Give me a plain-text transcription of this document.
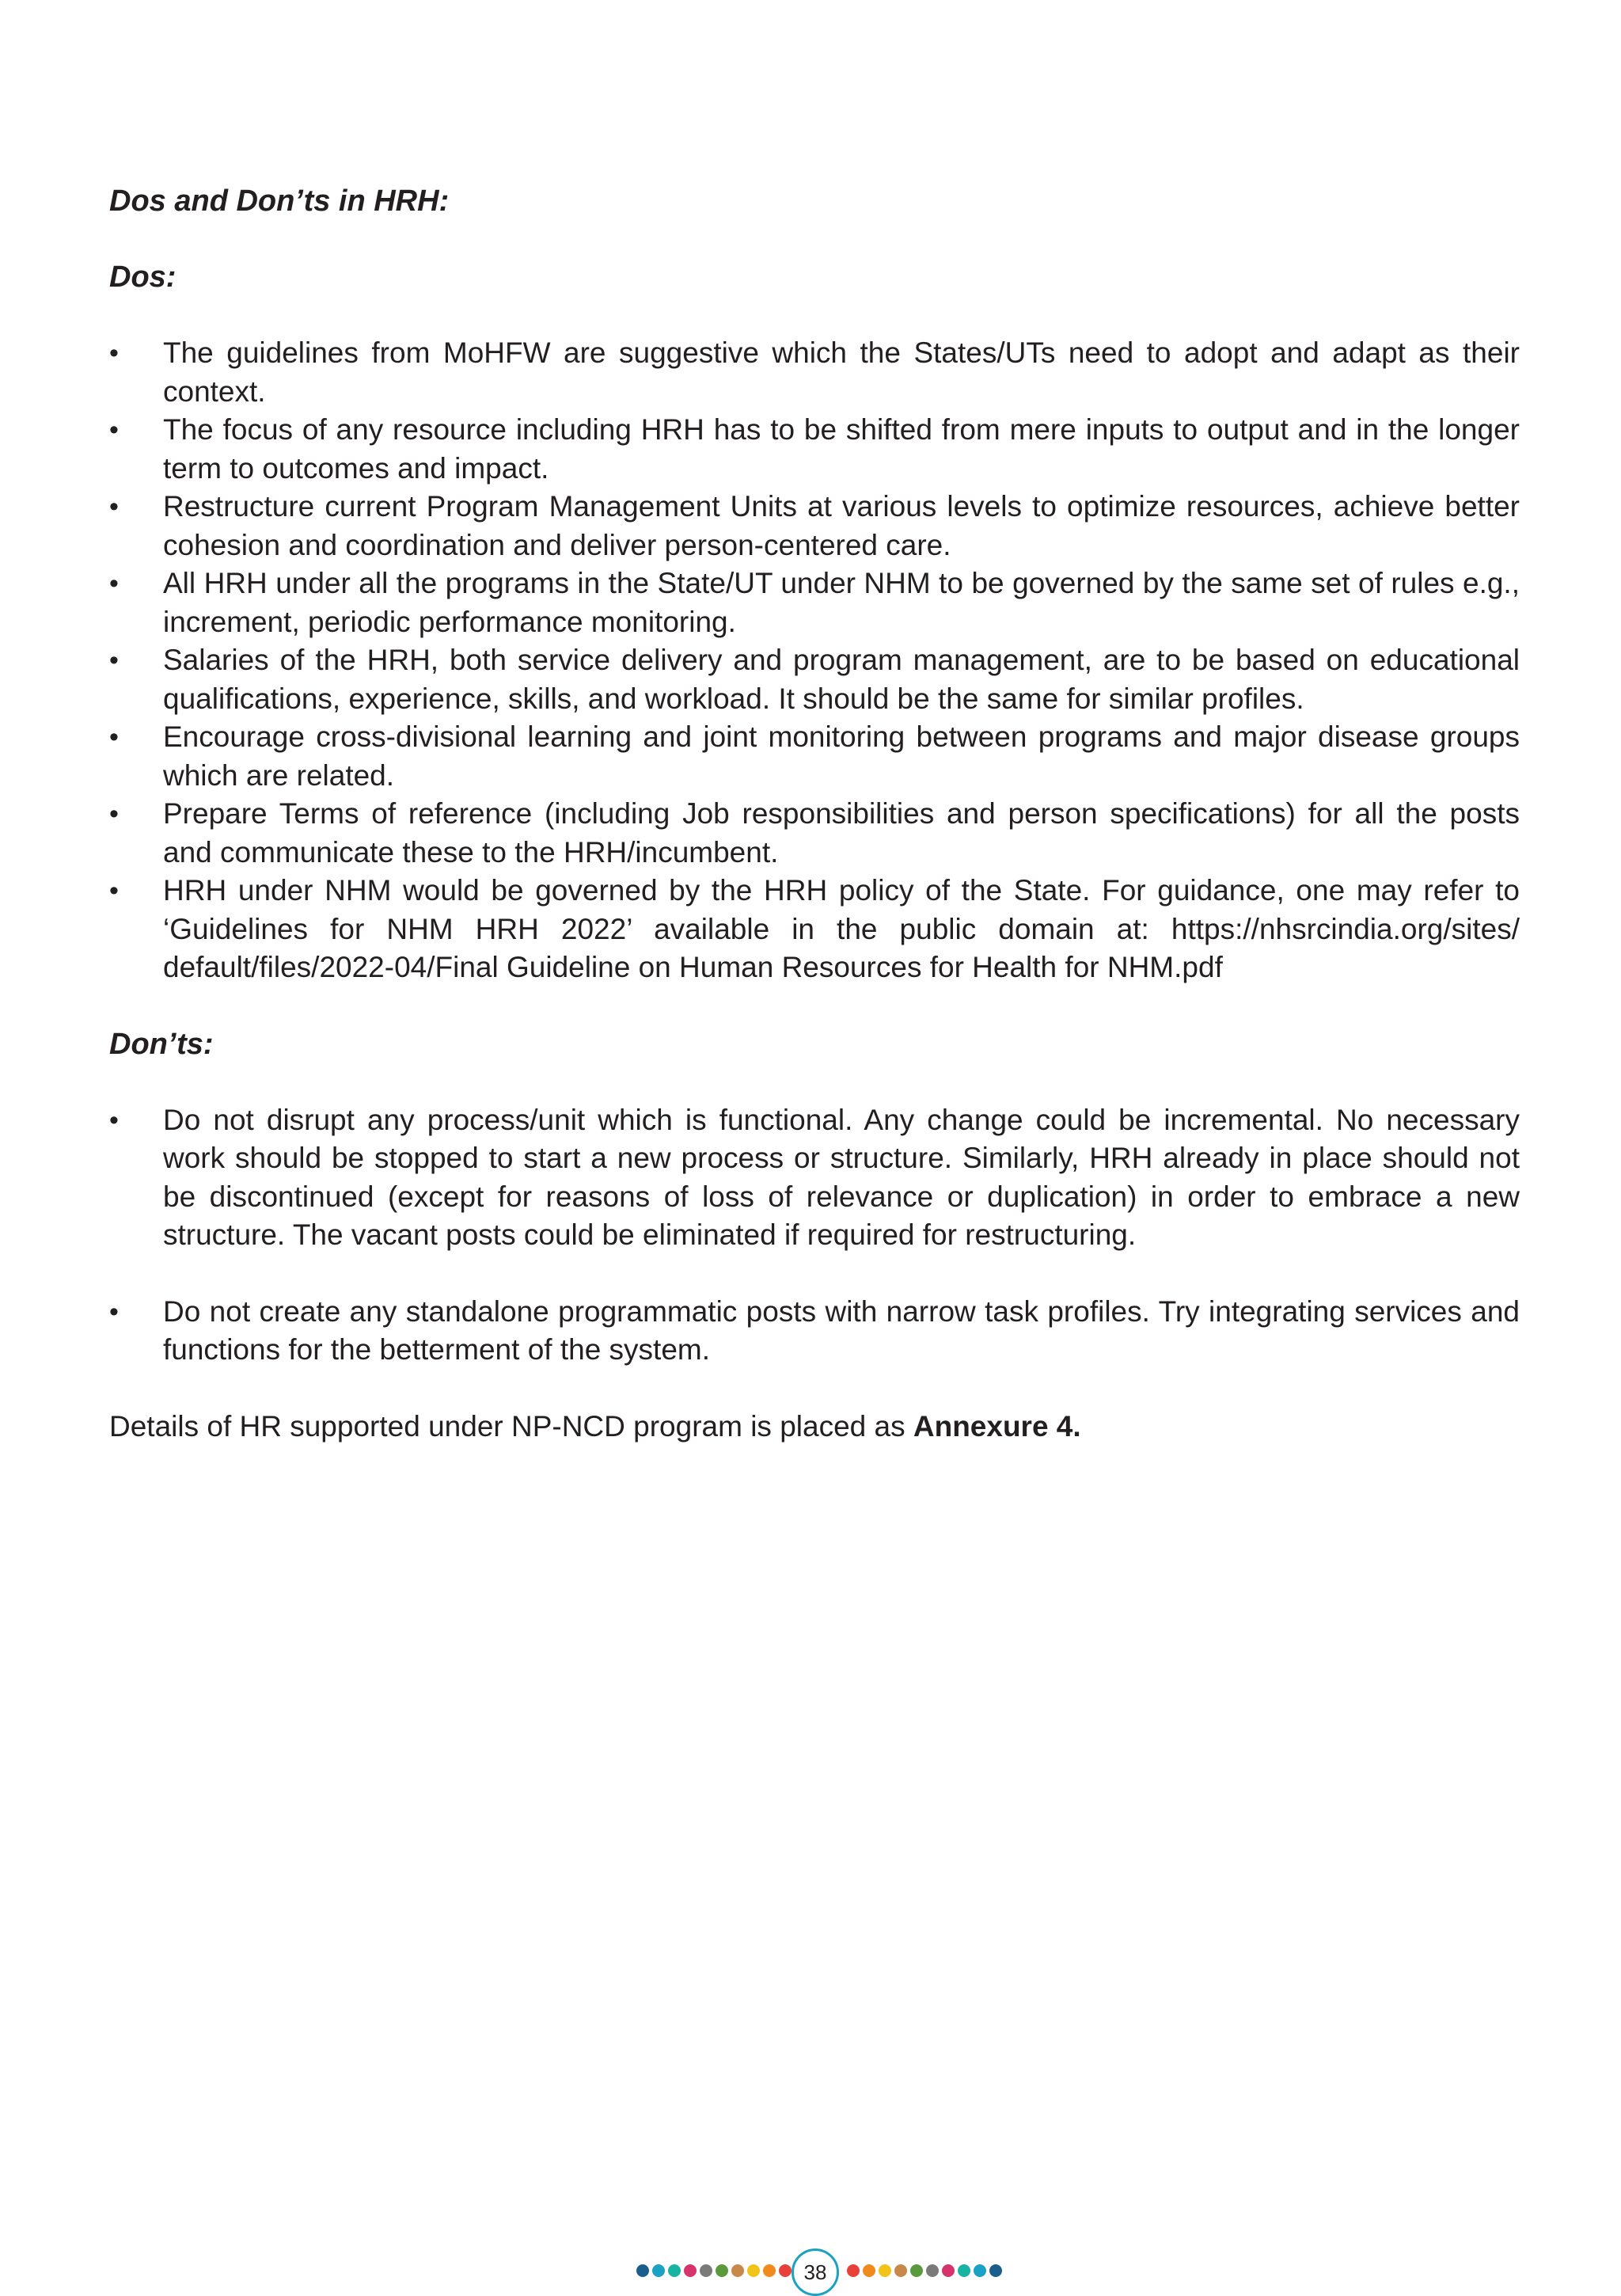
Dos and Don’ts in HRH:

Dos:

• The guidelines from MoHFW are suggestive which the States/UTs need to adopt and adapt as their context.
• The focus of any resource including HRH has to be shifted from mere inputs to output and in the longer term to outcomes and impact.
• Restructure current Program Management Units at various levels to optimize resources, achieve better cohesion and coordination and deliver person-centered care.
• All HRH under all the programs in the State/UT under NHM to be governed by the same set of rules e.g., increment, periodic performance monitoring.
• Salaries of the HRH, both service delivery and program management, are to be based on educational qualifications, experience, skills, and workload. It should be the same for similar profiles.
• Encourage cross-divisional learning and joint monitoring between programs and major disease groups which are related.
• Prepare Terms of reference (including Job responsibilities and person specifications) for all the posts and communicate these to the HRH/incumbent.
• HRH under NHM would be governed by the HRH policy of the State. For guidance, one may refer to ‘Guidelines for NHM HRH 2022’ available in the public domain at: https://nhsrcindia.org/sites/ default/files/2022-04/Final Guideline on Human Resources for Health for NHM.pdf

Don’ts:

• Do not disrupt any process/unit which is functional. Any change could be incremental. No necessary work should be stopped to start a new process or structure. Similarly, HRH already in place should not be discontinued (except for reasons of loss of relevance or duplication) in order to embrace a new structure. The vacant posts could be eliminated if required for restructuring.
• Do not create any standalone programmatic posts with narrow task profiles. Try integrating services and functions for the betterment of the system.

Details of HR supported under NP-NCD program is placed as Annexure 4.

38
